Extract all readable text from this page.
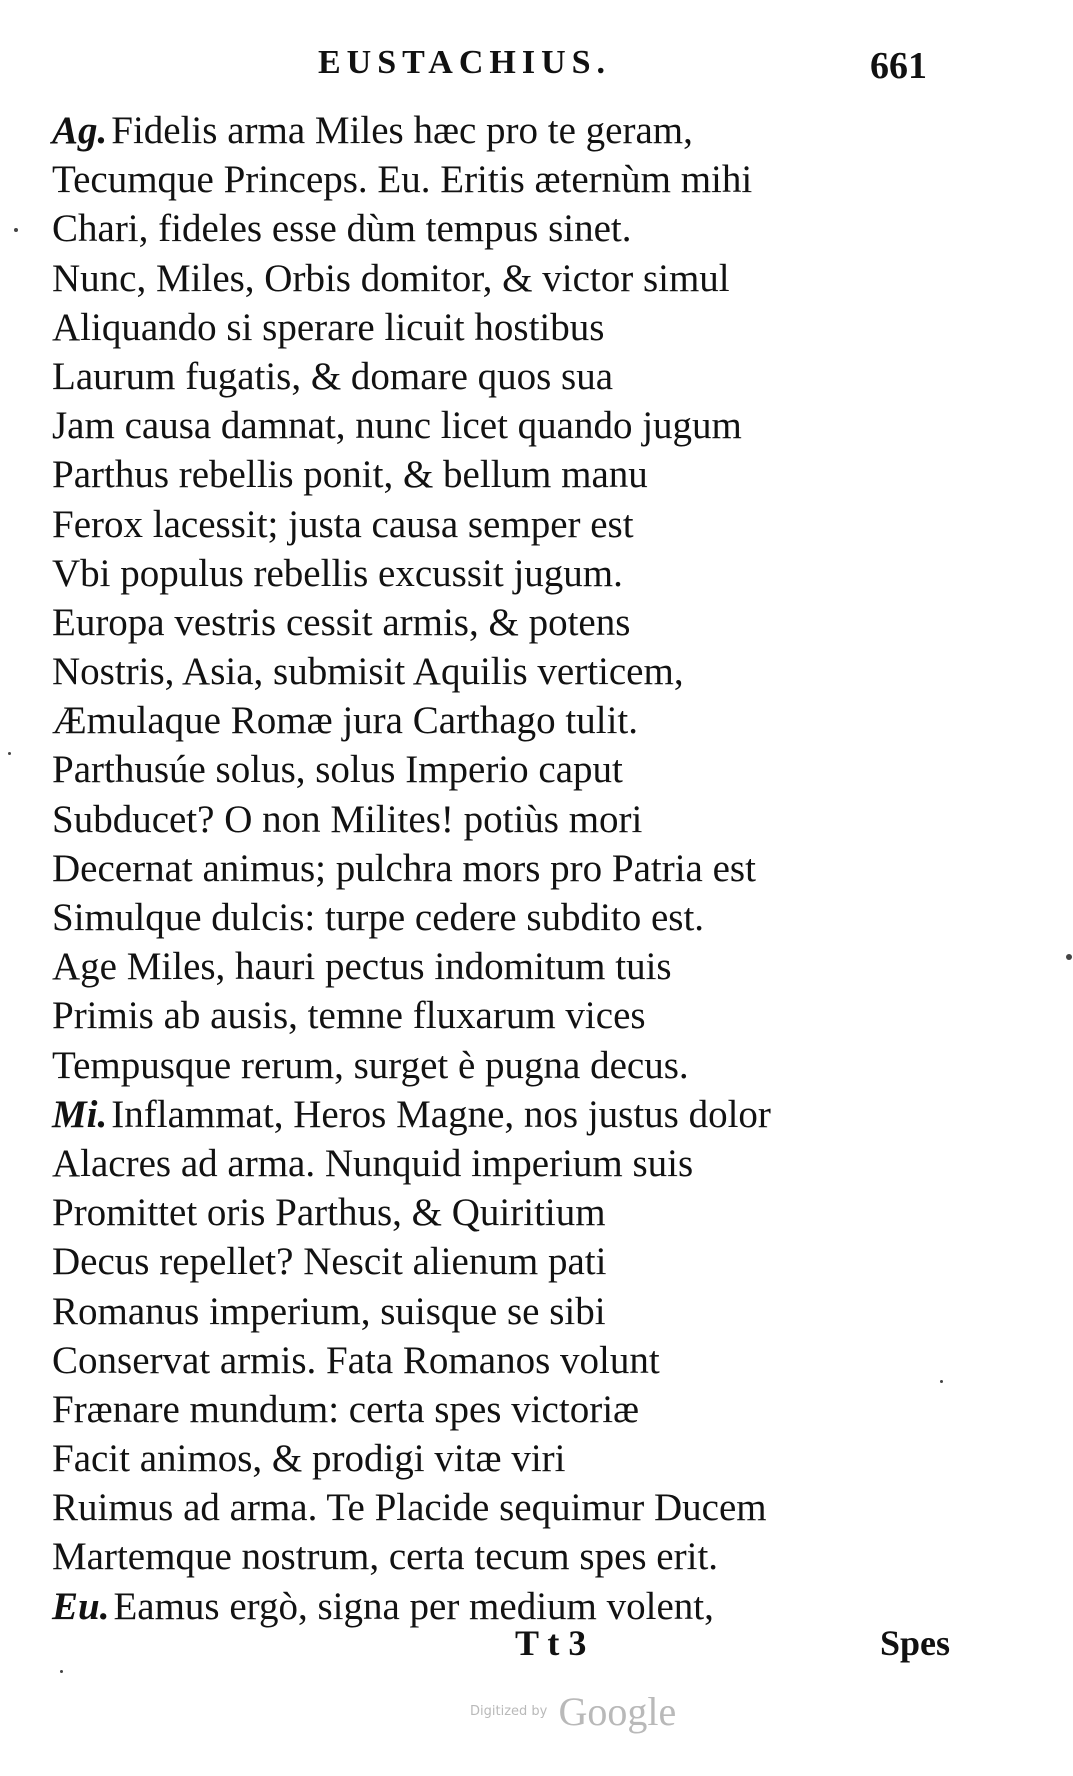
EUSTACHIUS.	661
Ag. Fidelis arma Miles hæc pro te geram,
Tecumque Princeps. Eu. Eritis æternùm mihi
Chari, fideles esse dùm tempus sinet.
Nunc, Miles, Orbis domitor, & victor simul
Aliquando si sperare licuit hostibus
Laurum fugatis, & domare quos sua
Jam causa damnat, nunc licet quando jugum
Parthus rebellis ponit, & bellum manu
Ferox lacessit; justa causa semper est
Vbi populus rebellis excussit jugum.
Europa vestris cessit armis, & potens
Nostris, Asia, submisit Aquilis verticem,
Æmulaque Romæ jura Carthago tulit.
Parthusúe solus, solus Imperio caput
Subducet? O non Milites! potiùs mori
Decernat animus; pulchra mors pro Patria est
Simulque dulcis: turpe cedere subdito est.
Age Miles, hauri pectus indomitum tuis
Primis ab ausis, temne fluxarum vices
Tempusque rerum, surget è pugna decus.
Mi. Inflammat, Heros Magne, nos justus dolor
Alacres ad arma. Nunquid imperium suis
Promittet oris Parthus, & Quiritium
Decus repellet? Nescit alienum pati
Romanus imperium, suisque se sibi
Conservat armis. Fata Romanos volunt
Frænare mundum: certa spes victoriæ
Facit animos, & prodigi vitæ viri
Ruimus ad arma. Te Placide sequimur Ducem
Martemque nostrum, certa tecum spes erit.
Eu. Eamus ergò, signa per medium volent,
T t 3	Spes
Digitized by Google
